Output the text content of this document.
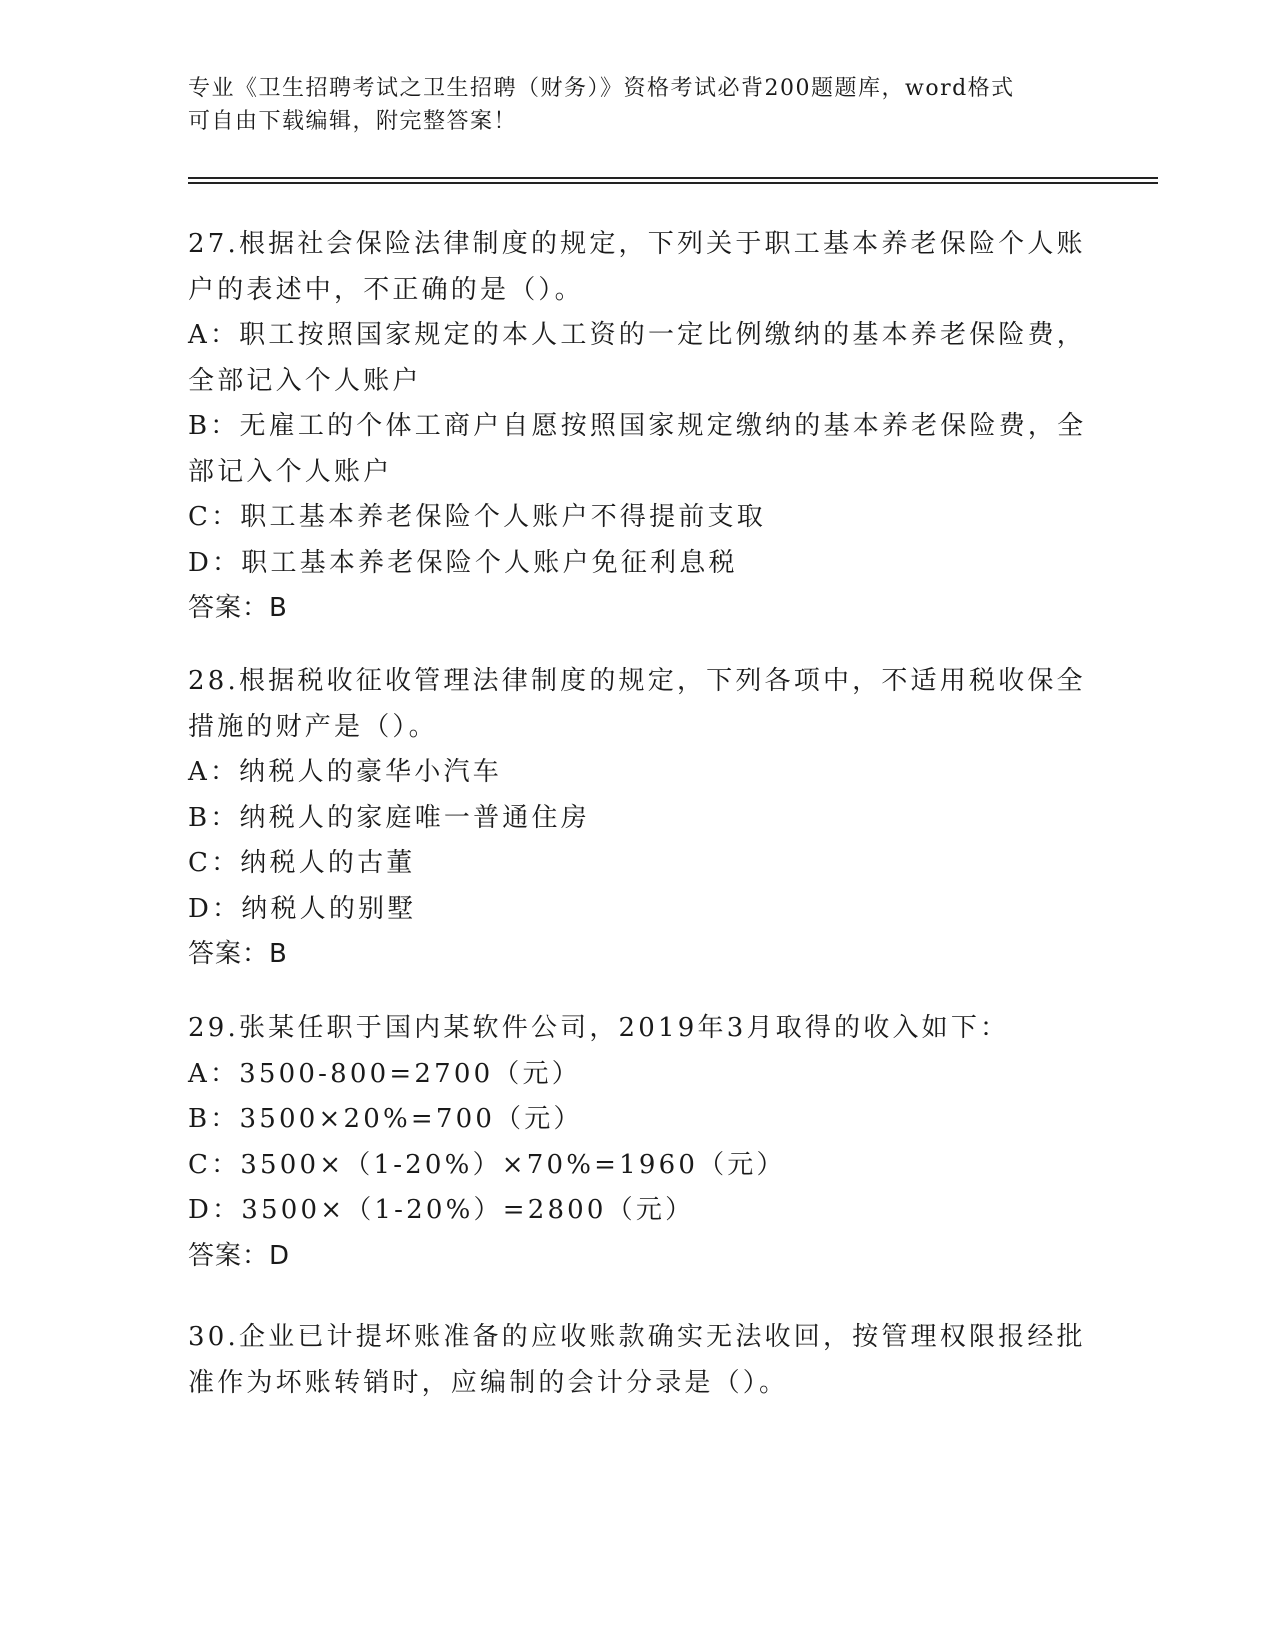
专业《卫生招聘考试之卫生招聘（财务）》资格考试必背200题题库，word格式
可自由下载编辑，附完整答案！
27.根据社会保险法律制度的规定，下列关于职工基本养老保险个人账
户的表述中，不正确的是（）。
A：职工按照国家规定的本人工资的一定比例缴纳的基本养老保险费，
全部记入个人账户
B：无雇工的个体工商户自愿按照国家规定缴纳的基本养老保险费，全
部记入个人账户
C：职工基本养老保险个人账户不得提前支取
D：职工基本养老保险个人账户免征利息税
答案：B
28.根据税收征收管理法律制度的规定，下列各项中，不适用税收保全
措施的财产是（）。
A：纳税人的豪华小汽车
B：纳税人的家庭唯一普通住房
C：纳税人的古董
D：纳税人的别墅
答案：B
29.张某任职于国内某软件公司，2019年3月取得的收入如下：
A：3500-800=2700（元）
B：3500×20%=700（元）
C：3500×（1-20%）×70%=1960（元）
D：3500×（1-20%）=2800（元）
答案：D
30.企业已计提坏账准备的应收账款确实无法收回，按管理权限报经批
准作为坏账转销时，应编制的会计分录是（）。
